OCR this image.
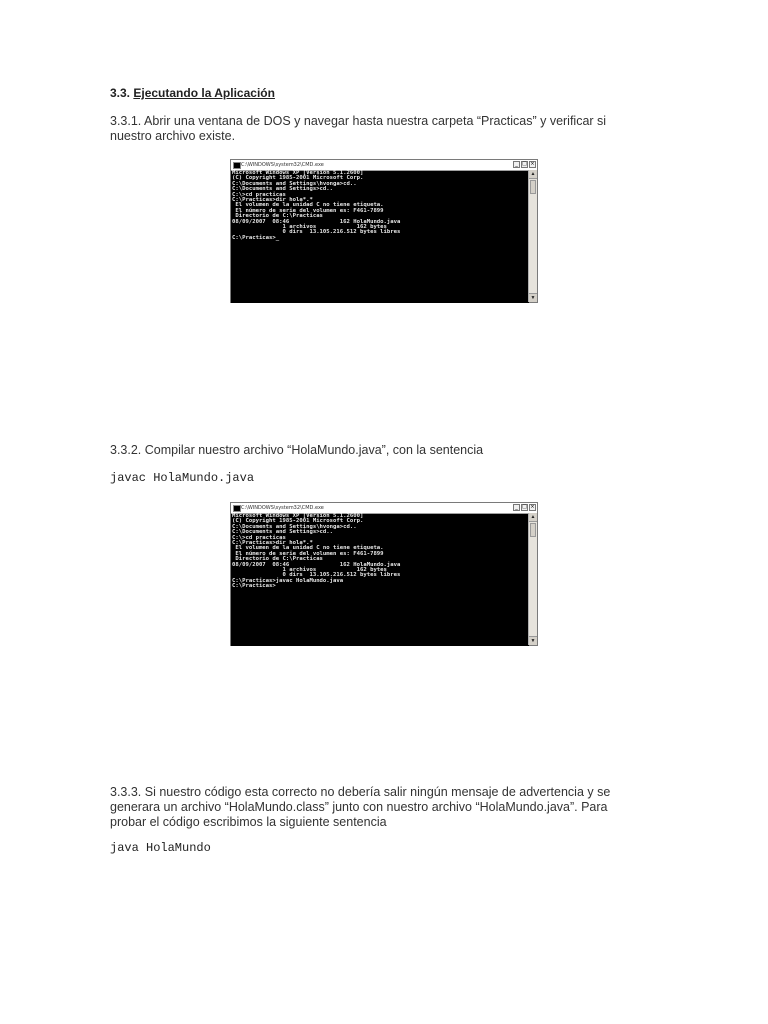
3.3. Ejecutando la Aplicación
3.3.1. Abrir una ventana de DOS y navegar hasta nuestra carpeta “Practicas” y verificar si
nuestro archivo existe.
C:\WINDOWS\system32\CMD.exe	_ □ ×
Microsoft Windows XP [Versión 5.1.2600]
(C) Copyright 1985-2001 Microsoft Corp.
C:\Documents and Settings\hvonga>cd..
C:\Documents and Settings>cd..
C:\>cd practicas
C:\Practicas>dir hola*.*
El volumen de la unidad C no tiene etiqueta.
El número de serie del volumen es: F461-7899
Directorio de C:\Practicas
08/09/2007  08:46               162 HolaMundo.java
1 archivos            162 bytes
0 dirs  13.105.216.512 bytes libres
C:\Practicas>_
▲
▼
3.3.2. Compilar nuestro archivo “HolaMundo.java”, con la sentencia
javac HolaMundo.java
C:\WINDOWS\system32\CMD.exe	_ □ ×
Microsoft Windows XP [Versión 5.1.2600]
(C) Copyright 1985-2001 Microsoft Corp.
C:\Documents and Settings\hvonga>cd..
C:\Documents and Settings>cd..
C:\>cd practicas
C:\Practicas>dir hola*.*
El volumen de la unidad C no tiene etiqueta.
El número de serie del volumen es: F461-7899
Directorio de C:\Practicas
08/09/2007  08:46               162 HolaMundo.java
1 archivos            162 bytes
0 dirs  13.105.216.512 bytes libres
C:\Practicas>javac HolaMundo.java
C:\Practicas>
▲
▼
3.3.3. Si nuestro código esta correcto no debería salir ningún mensaje de advertencia y se
generara un archivo “HolaMundo.class” junto con nuestro archivo “HolaMundo.java”. Para
probar el código escribimos la siguiente sentencia
java HolaMundo
